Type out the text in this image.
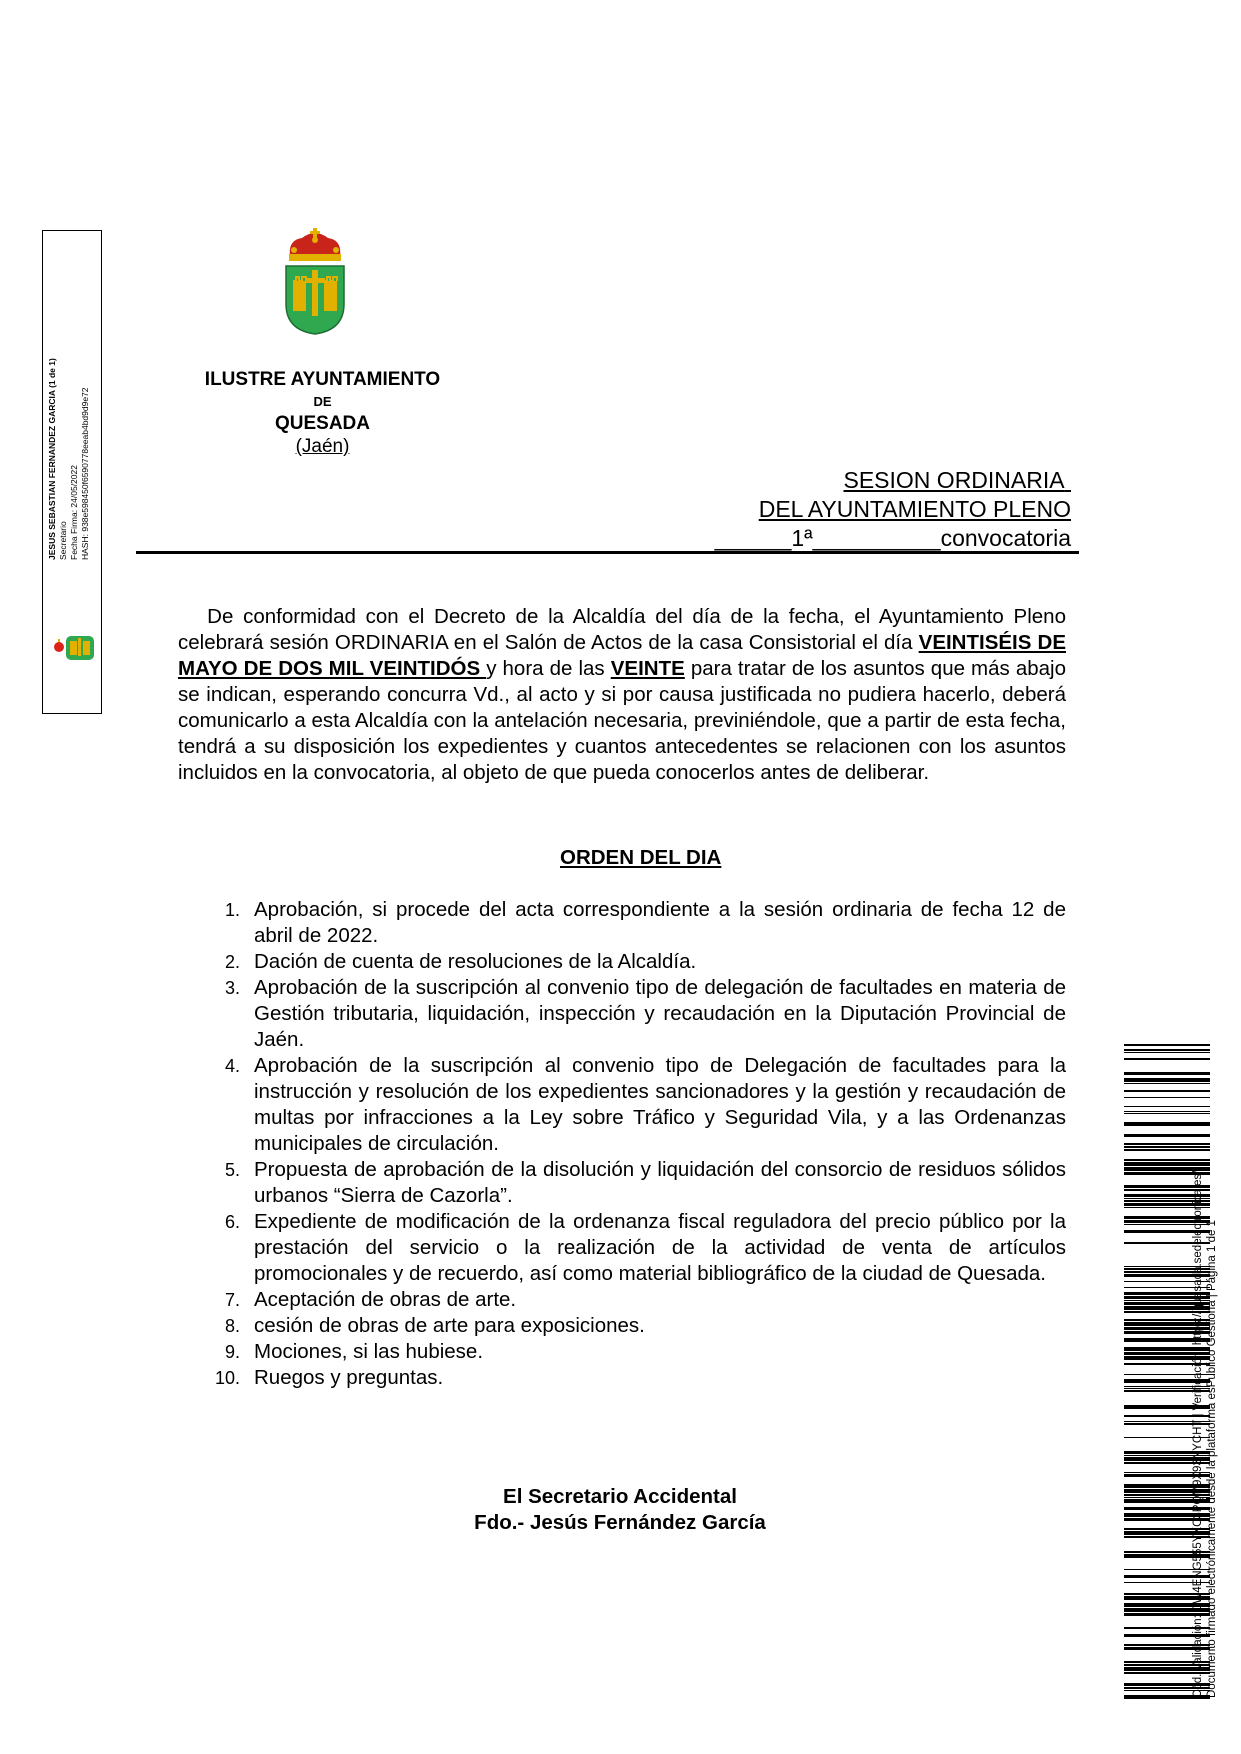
JESUS SEBASTIAN FERNANDEZ GARCIA (1 de 1) Secretario Fecha Firma: 24/05/2022 HASH: 938e598450f6590778eeab4bd9d9e72
ILUSTRE AYUNTAMIENTO
DE
QUESADA
(Jaén)
SESION ORDINARIA
DEL AYUNTAMIENTO PLENO
______1ª__________convocatoria
De conformidad con el Decreto de la Alcaldía del día de la fecha, el Ayuntamiento Pleno celebrará sesión ORDINARIA en el Salón de Actos de la casa Consistorial el día VEINTISÉIS DE MAYO DE DOS MIL VEINTIDÓS y hora de las VEINTE para tratar de los asuntos que más abajo se indican, esperando concurra Vd., al acto y si por causa justificada no pudiera hacerlo, deberá comunicarlo a esta Alcaldía con la antelación necesaria, previniéndole, que a partir de esta fecha, tendrá a su disposición los expedientes y cuantos antecedentes se relacionen con los asuntos incluidos en la convocatoria, al objeto de que pueda conocerlos antes de deliberar.
ORDEN DEL DIA
1. Aprobación, si procede del acta correspondiente a la sesión ordinaria de fecha 12 de abril de 2022.
2. Dación de cuenta de resoluciones de la Alcaldía.
3. Aprobación de la suscripción al convenio tipo de delegación de facultades en materia de Gestión tributaria, liquidación, inspección y recaudación en la Diputación Provincial de Jaén.
4. Aprobación de la suscripción al convenio tipo de Delegación de facultades para la instrucción y resolución de los expedientes sancionadores y la gestión y recaudación de multas por infracciones a la Ley sobre Tráfico y Seguridad Vila, y a las Ordenanzas municipales de circulación.
5. Propuesta de aprobación de la disolución y liquidación del consorcio de residuos sólidos urbanos “Sierra de Cazorla”.
6. Expediente de modificación de la ordenanza fiscal reguladora del precio público por la prestación del servicio o la realización de la actividad de venta de artículos promocionales y de recuerdo, así como material bibliográfico de la ciudad de Quesada.
7. Aceptación de obras de arte.
8. cesión de obras de arte para exposiciones.
9. Mociones, si las hubiese.
10. Ruegos y preguntas.
El Secretario Accidental
Fdo.- Jesús Fernández García	Cód. Validación: CW4ENG555YXC3PQM9X93NYCHT | Verificación: https://quesada.sedelectronica.es/ Documento firmado electrónicamente desde la plataforma esPublico Gestiona | Página 1 de 1
